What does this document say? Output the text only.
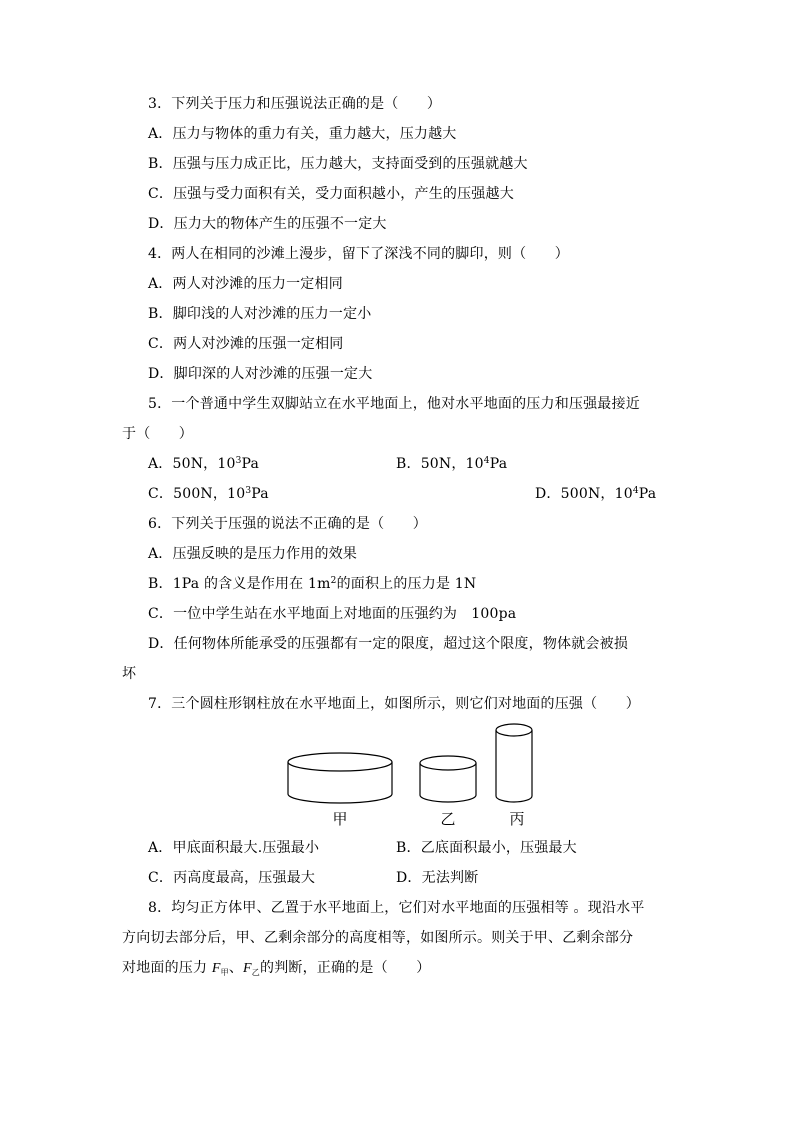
3．下列关于压力和压强说法正确的是（　　）
A．压力与物体的重力有关，重力越大，压力越大
B．压强与压力成正比，压力越大，支持面受到的压强就越大
C．压强与受力面积有关，受力面积越小，产生的压强越大
D．压力大的物体产生的压强不一定大
4．两人在相同的沙滩上漫步，留下了深浅不同的脚印，则（　　）
A．两人对沙滩的压力一定相同
B．脚印浅的人对沙滩的压力一定小
C．两人对沙滩的压强一定相同
D．脚印深的人对沙滩的压强一定大
5．一个普通中学生双脚站立在水平地面上，他对水平地面的压力和压强最接近
于（　　）
A．50N，$10^3Pa$	B．50N，$10^4Pa$
C．500N，$10^3Pa$	D．500N，$10^4Pa$
6．下列关于压强的说法不正确的是（　　）
A．压强反映的是压力作用的效果
B．1Pa 的含义是作用在 $1m^2$的面积上的压力是 1N
C．一位中学生站在水平地面上对地面的压强约为　100pa
D．任何物体所能承受的压强都有一定的限度，超过这个限度，物体就会被损
坏
7．三个圆柱形钢柱放在水平地面上，如图所示，则它们对地面的压强（　　）
甲	乙	丙
A．甲底面积最大.压强最小	B．乙底面积最小，压强最大
C．丙高度最高，压强最大	D．无法判断
8．均匀正方体甲、乙置于水平地面上，它们对水平地面的压强相等 。现沿水平
方向切去部分后，甲、乙剩余部分的高度相等，如图所示。则关于甲、乙剩余部分
对地面的压力 $F_甲$、$F_乙$的判断，正确的是（　　）
